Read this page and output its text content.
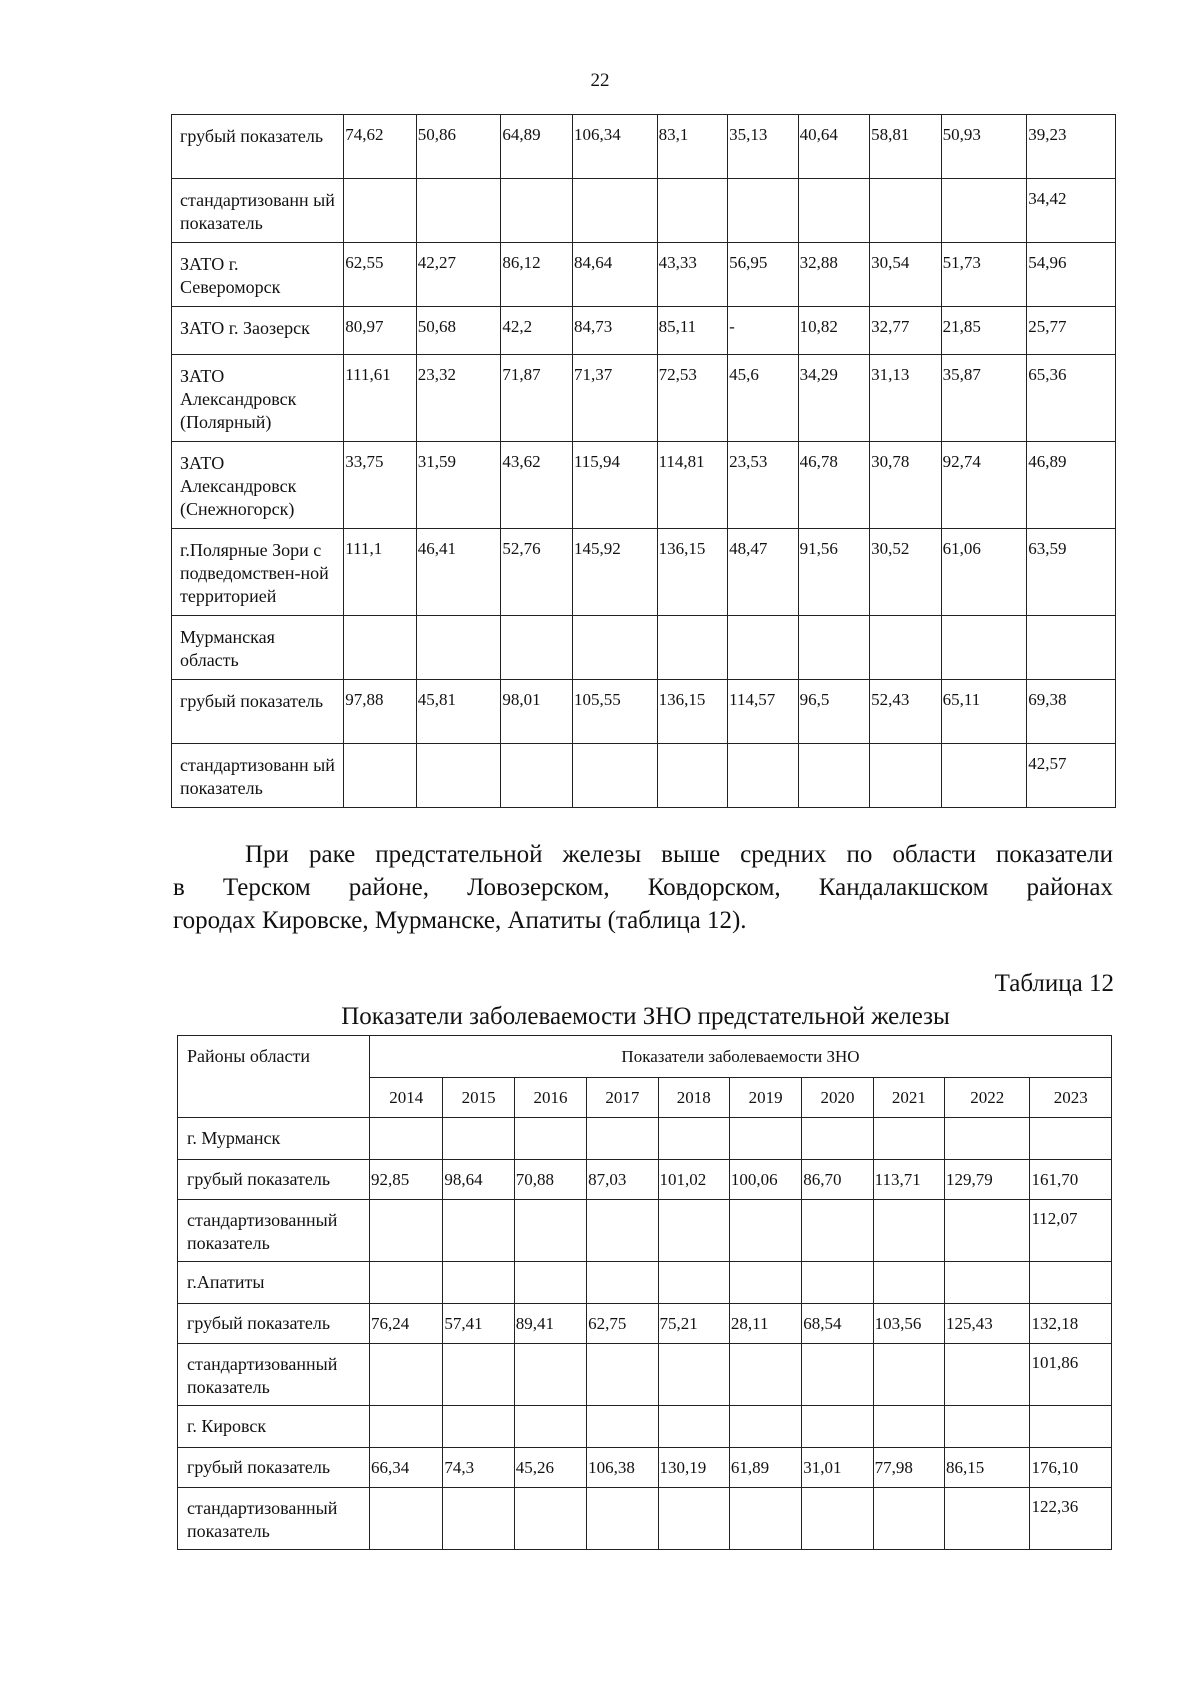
22
грубый показатель	74,62	50,86	64,89	106,34	83,1	35,13	40,64	58,81	50,93	39,23
стандартизованн ый показатель										34,42
ЗАТО г. Североморск	62,55	42,27	86,12	84,64	43,33	56,95	32,88	30,54	51,73	54,96
ЗАТО г. Заозерск	80,97	50,68	42,2	84,73	85,11	-	10,82	32,77	21,85	25,77
ЗАТО Александровск (Полярный)	111,61	23,32	71,87	71,37	72,53	45,6	34,29	31,13	35,87	65,36
ЗАТО Александровск (Снежногорск)	33,75	31,59	43,62	115,94	114,81	23,53	46,78	30,78	92,74	46,89
г.Полярные Зори с подведомствен-ной территорией	111,1	46,41	52,76	145,92	136,15	48,47	91,56	30,52	61,06	63,59
Мурманская область										
грубый показатель	97,88	45,81	98,01	105,55	136,15	114,57	96,5	52,43	65,11	69,38
стандартизованн ый показатель										42,57
При раке предстательной железы выше средних по области показатели
в Терском районе, Ловозерском, Ковдорском, Кандалакшском районах
городах Кировске, Мурманске, Апатиты (таблица 12).
Таблица 12
Показатели заболеваемости ЗНО предстательной железы
Районы области	Показатели заболеваемости ЗНО									
	2014	2015	2016	2017	2018	2019	2020	2021	2022	2023
г. Мурманск										
грубый показатель	92,85	98,64	70,88	87,03	101,02	100,06	86,70	113,71	129,79	161,70
стандартизованный показатель										112,07
г.Апатиты										
грубый показатель	76,24	57,41	89,41	62,75	75,21	28,11	68,54	103,56	125,43	132,18
стандартизованный показатель										101,86
г. Кировск										
грубый показатель	66,34	74,3	45,26	106,38	130,19	61,89	31,01	77,98	86,15	176,10
стандартизованный показатель										122,36
